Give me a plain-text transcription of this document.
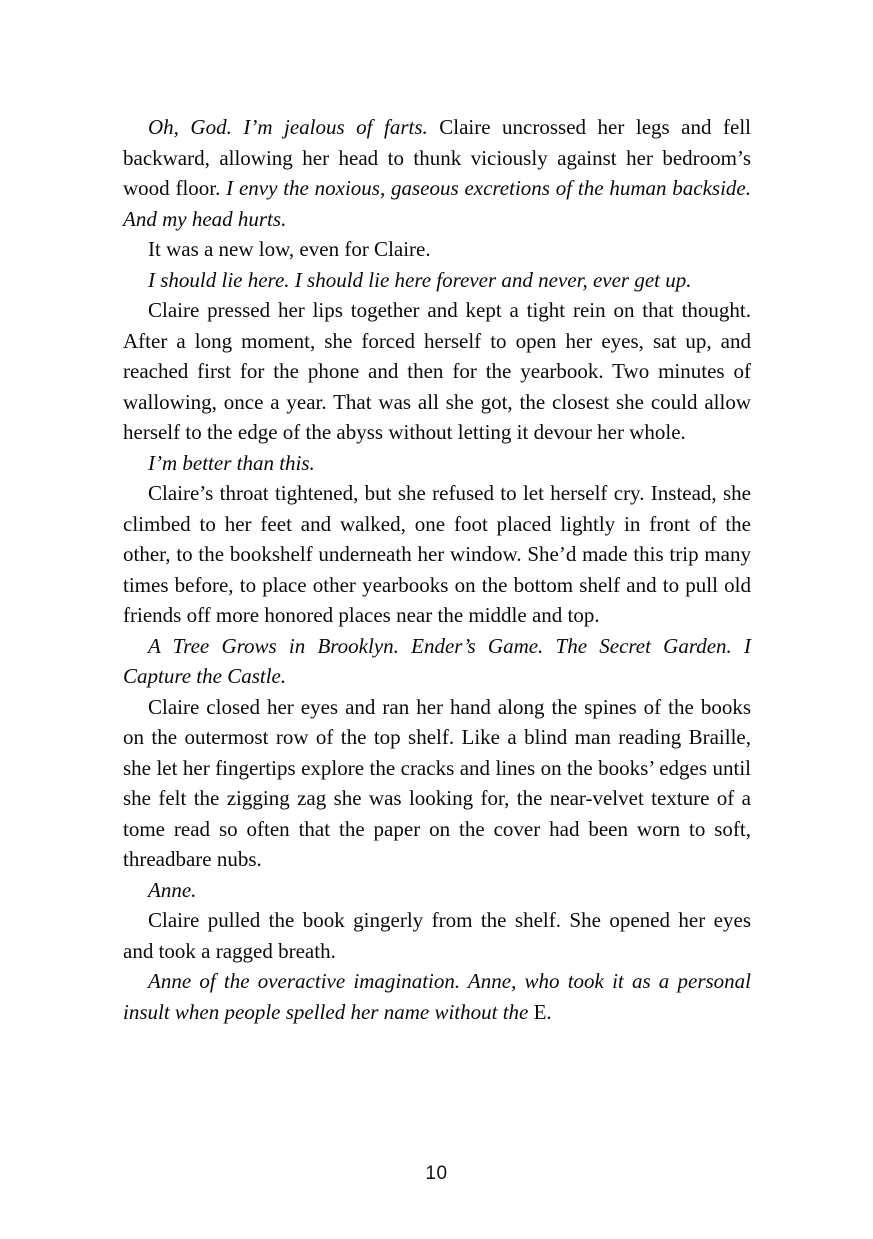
Oh, God. I’m jealous of farts. Claire uncrossed her legs and fell backward, allowing her head to thunk viciously against her bedroom’s wood floor. I envy the noxious, gaseous excretions of the human backside. And my head hurts.

It was a new low, even for Claire.

I should lie here. I should lie here forever and never, ever get up.

Claire pressed her lips together and kept a tight rein on that thought. After a long moment, she forced herself to open her eyes, sat up, and reached first for the phone and then for the yearbook. Two minutes of wallowing, once a year. That was all she got, the closest she could allow herself to the edge of the abyss without letting it devour her whole.

I’m better than this.

Claire’s throat tightened, but she refused to let herself cry. Instead, she climbed to her feet and walked, one foot placed lightly in front of the other, to the bookshelf underneath her window. She’d made this trip many times before, to place other yearbooks on the bottom shelf and to pull old friends off more honored places near the middle and top.

A Tree Grows in Brooklyn. Ender’s Game. The Secret Garden. I Capture the Castle.

Claire closed her eyes and ran her hand along the spines of the books on the outermost row of the top shelf. Like a blind man reading Braille, she let her fingertips explore the cracks and lines on the books’ edges until she felt the zigging zag she was looking for, the near-velvet texture of a tome read so often that the paper on the cover had been worn to soft, threadbare nubs.

Anne.

Claire pulled the book gingerly from the shelf. She opened her eyes and took a ragged breath.

Anne of the overactive imagination. Anne, who took it as a personal insult when people spelled her name without the E.

10
